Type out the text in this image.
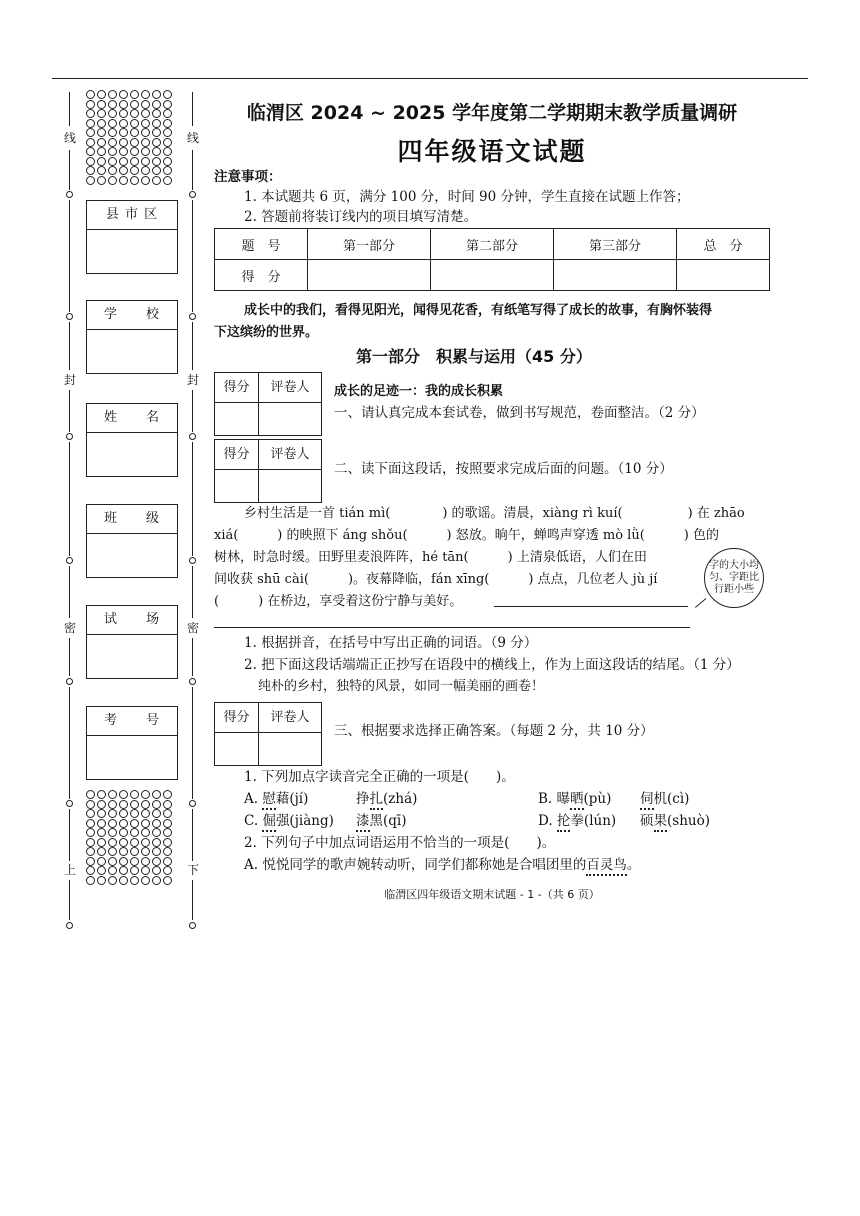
线
封
密
上
线
封
密
下
县 市 区
学　　校
姓　　名
班　　级
试　　场
考　　号
临渭区 2024 ~ 2025 学年度第二学期期末教学质量调研
四年级语文试题
注意事项：
1. 本试题共 6 页，满分 100 分，时间 90 分钟，学生直接在试题上作答；
2. 答题前将装订线内的项目填写清楚。
题　号	第一部分	第二部分	第三部分	总　分
得　分				
成长中的我们，看得见阳光，闻得见花香，有纸笔写得了成长的故事，有胸怀装得
下这缤纷的世界。
第一部分　积累与运用（45 分）
得分	评卷人	成长的足迹一：我的成长积累
一、请认真完成本套试卷，做到书写规范，卷面整洁。（2 分）
得分	评卷人
二、读下面这段话，按照要求完成后面的问题。（10 分）
乡村生活是一首 tián mì(　　　　) 的歌谣。清晨，xiàng rì kuí(　　　　　) 在 zhāo
xiá(　　　) 的映照下 áng shǒu(　　　) 怒放。晌午，蝉鸣声穿透 mò lǜ(　　　) 色的
树林，时急时缓。田野里麦浪阵阵，hé tān(　　　) 上清泉低语，人们在田
间收获 shū cài(　　　)。夜幕降临，fán xīng(　　　) 点点，几位老人 jù jí
(　　　) 在桥边，享受着这份宁静与美好。
字的大小均匀、字距比行距小些
1. 根据拼音，在括号中写出正确的词语。（9 分）
2. 把下面这段话端端正正抄写在语段中的横线上，作为上面这段话的结尾。（1 分）
纯朴的乡村，独特的风景，如同一幅美丽的画卷！
得分	评卷人
三、根据要求选择正确答案。（每题 2 分，共 10 分）
1. 下列加点字读音完全正确的一项是(　　)。
A. 慰藉(jí)	挣扎(zhá)	B. 曝晒(pù) 伺机(cì)
C. 倔强(jiàng) 漆黑(qī)	D. 抡拳(lún) 硕果(shuò)
2. 下列句子中加点词语运用不恰当的一项是(　　)。
A. 悦悦同学的歌声婉转动听，同学们都称她是合唱团里的百灵鸟。
临渭区四年级语文期末试题 - 1 -（共 6 页）
